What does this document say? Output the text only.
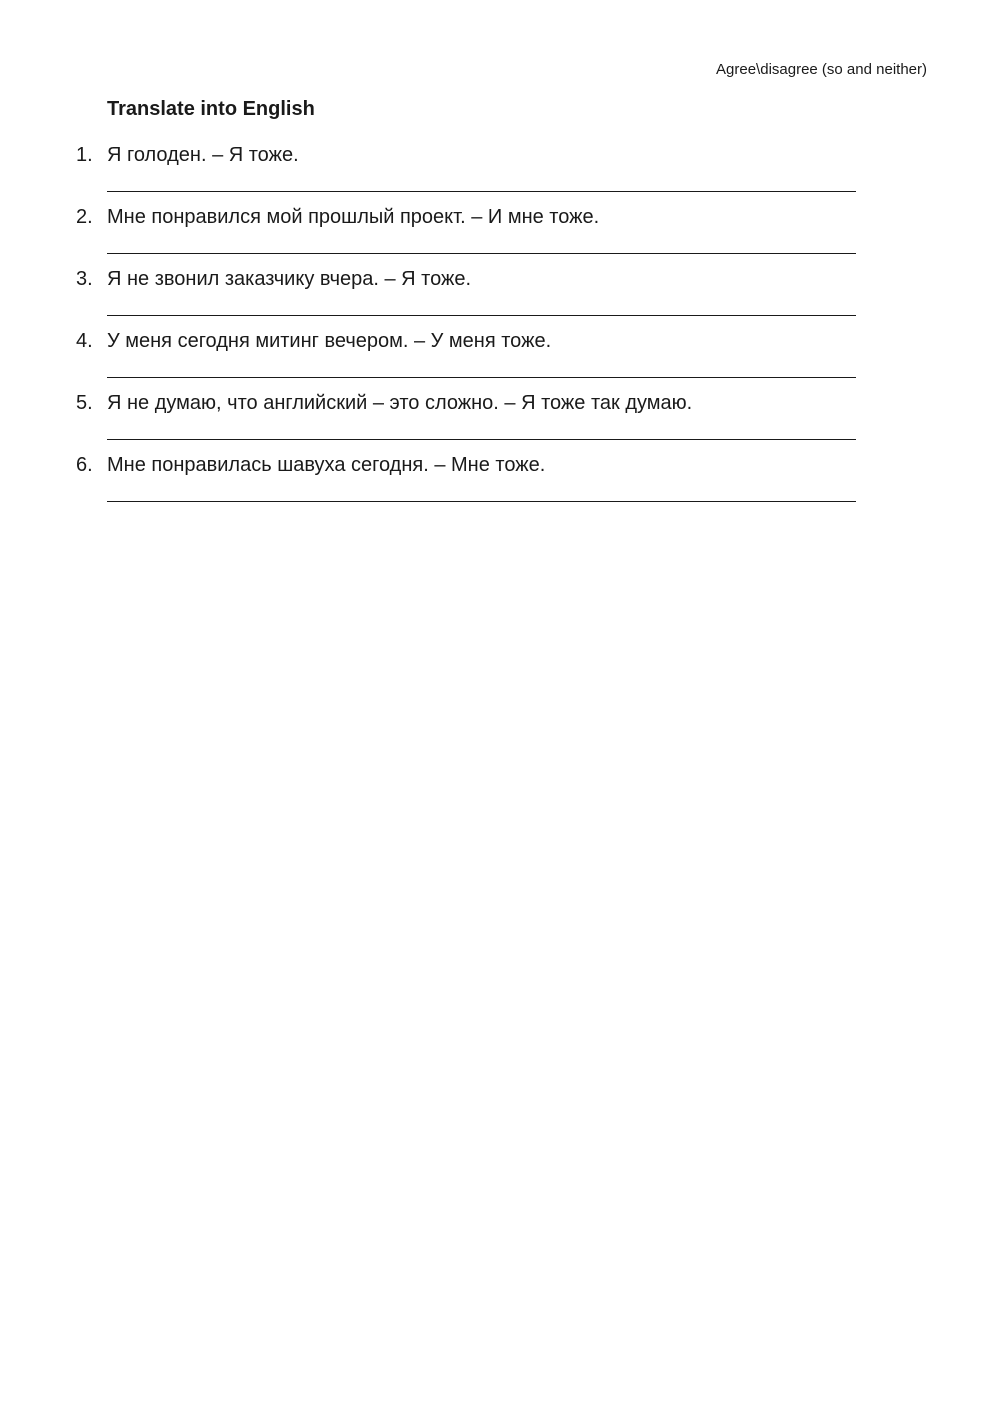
Agree\disagree (so and neither)
Translate into English
1. Я голоден. – Я тоже.
2. Мне понравился мой прошлый проект. – И мне тоже.
3. Я не звонил заказчику вчера. – Я тоже.
4. У меня сегодня митинг вечером. – У меня тоже.
5. Я не думаю, что английский – это сложно. – Я тоже так думаю.
6. Мне понравилась шавуха сегодня. – Мне тоже.
